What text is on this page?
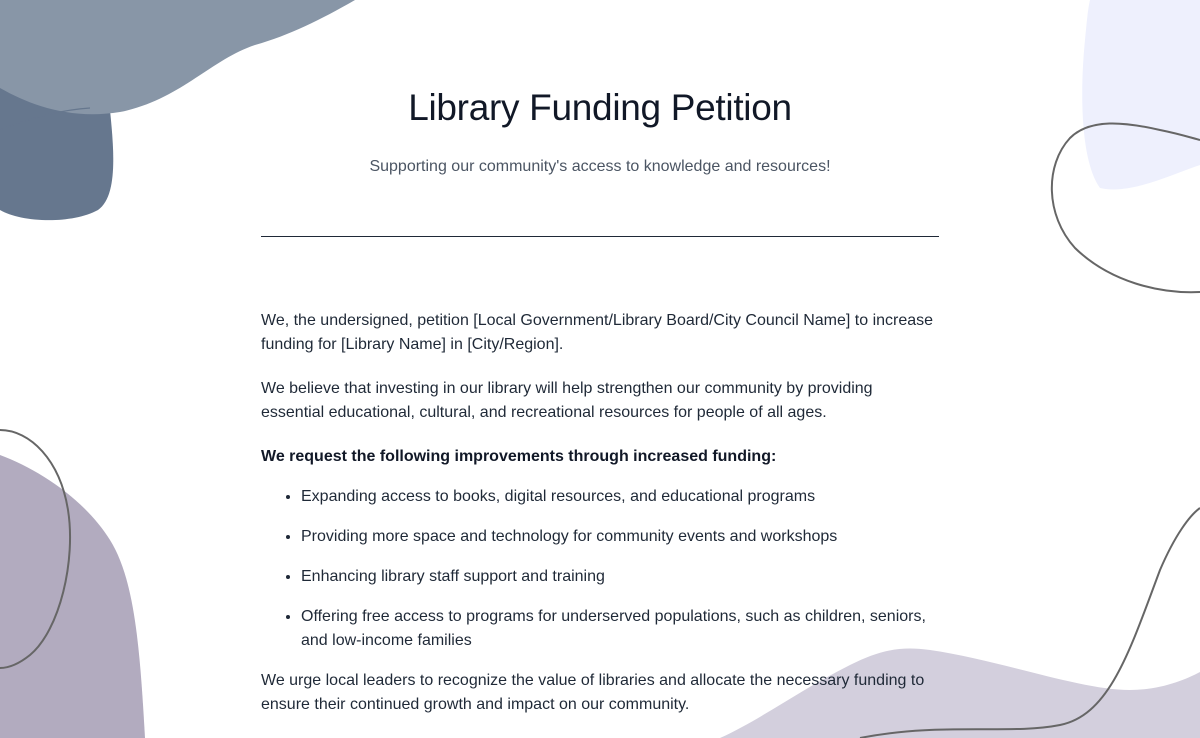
Library Funding Petition

Supporting our community's access to knowledge and resources!

We, the undersigned, petition [Local Government/Library Board/City Council Name] to increase funding for [Library Name] in [City/Region].

We believe that investing in our library will help strengthen our community by providing essential educational, cultural, and recreational resources for people of all ages.

We request the following improvements through increased funding:

• Expanding access to books, digital resources, and educational programs
• Providing more space and technology for community events and workshops
• Enhancing library staff support and training
• Offering free access to programs for underserved populations, such as children, seniors, and low-income families

We urge local leaders to recognize the value of libraries and allocate the necessary funding to ensure their continued growth and impact on our community.
